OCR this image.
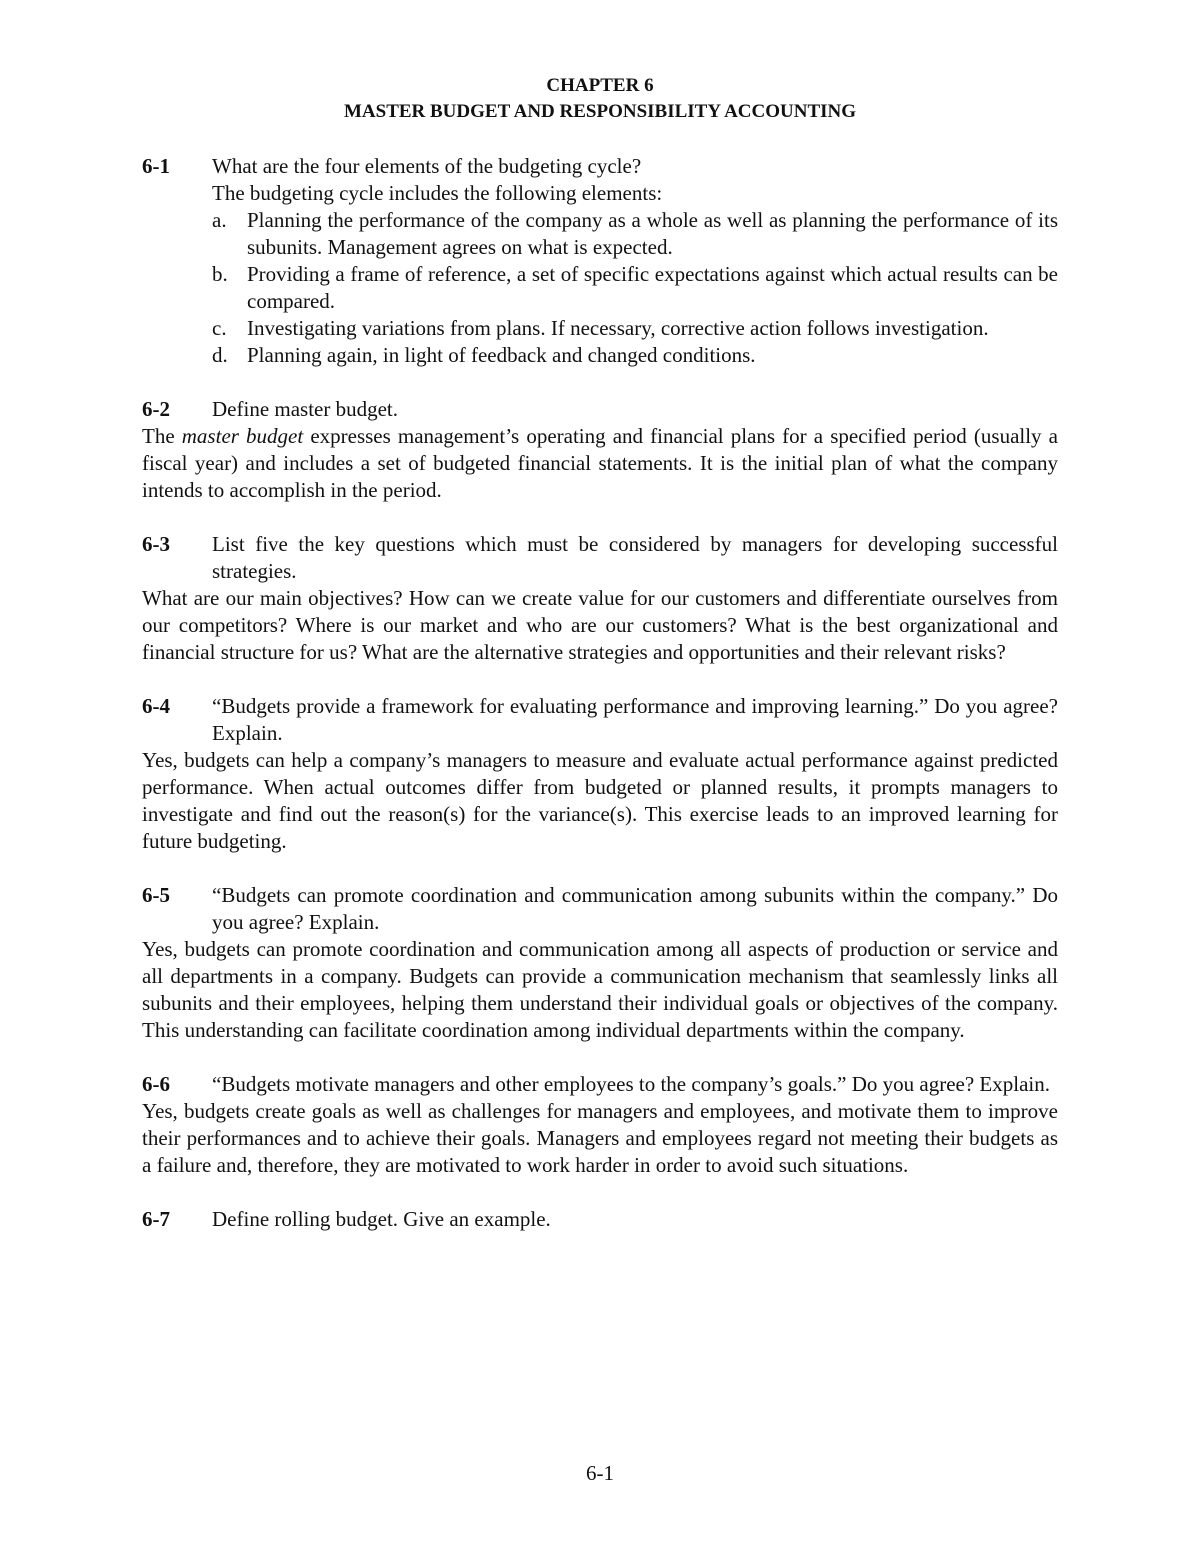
CHAPTER 6
MASTER BUDGET AND RESPONSIBILITY ACCOUNTING
6-1	What are the four elements of the budgeting cycle?
The budgeting cycle includes the following elements:
a. Planning the performance of the company as a whole as well as planning the performance of its subunits. Management agrees on what is expected.
b. Providing a frame of reference, a set of specific expectations against which actual results can be compared.
c. Investigating variations from plans. If necessary, corrective action follows investigation.
d. Planning again, in light of feedback and changed conditions.
6-2	Define master budget.

The master budget expresses management’s operating and financial plans for a specified period (usually a fiscal year) and includes a set of budgeted financial statements. It is the initial plan of what the company intends to accomplish in the period.

6-3	List five the key questions which must be considered by managers for developing successful strategies.

What are our main objectives? How can we create value for our customers and differentiate ourselves from our competitors? Where is our market and who are our customers? What is the best organizational and financial structure for us? What are the alternative strategies and opportunities and their relevant risks?

6-4	“Budgets provide a framework for evaluating performance and improving learning.” Do you agree? Explain.

Yes, budgets can help a company’s managers to measure and evaluate actual performance against predicted performance. When actual outcomes differ from budgeted or planned results, it prompts managers to investigate and find out the reason(s) for the variance(s). This exercise leads to an improved learning for future budgeting.

6-5	“Budgets can promote coordination and communication among subunits within the company.” Do you agree? Explain.

Yes, budgets can promote coordination and communication among all aspects of production or service and all departments in a company. Budgets can provide a communication mechanism that seamlessly links all subunits and their employees, helping them understand their individual goals or objectives of the company. This understanding can facilitate coordination among individual departments within the company.

6-6	“Budgets motivate managers and other employees to the company’s goals.” Do you agree? Explain.

Yes, budgets create goals as well as challenges for managers and employees, and motivate them to improve their performances and to achieve their goals. Managers and employees regard not meeting their budgets as a failure and, therefore, they are motivated to work harder in order to avoid such situations.

6-7	Define rolling budget. Give an example.
6-1
